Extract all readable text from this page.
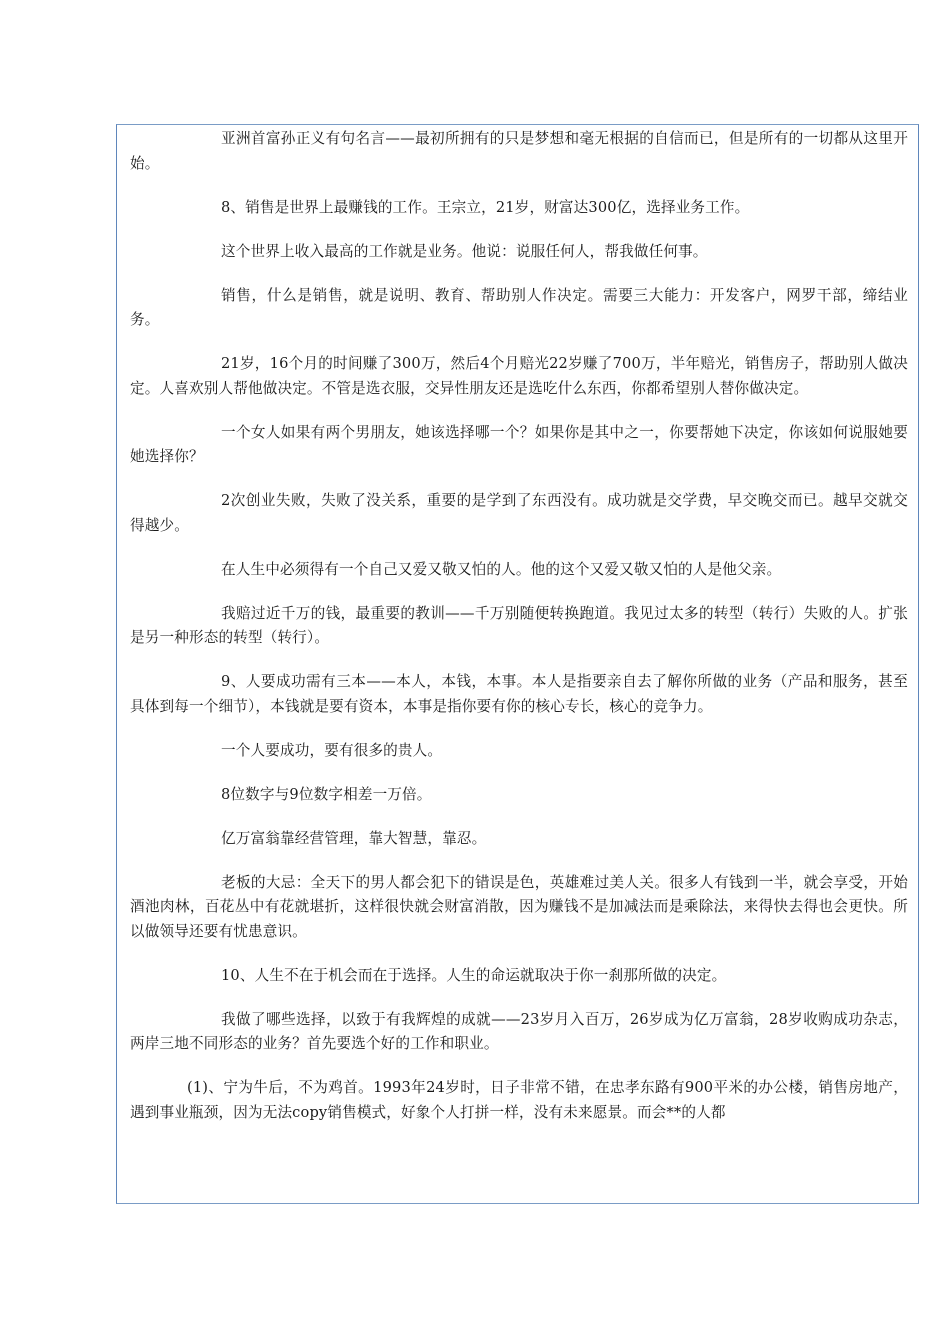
亚洲首富孙正义有句名言——最初所拥有的只是梦想和毫无根据的自信而已，但是所有的一切都从这里开始。

8、销售是世界上最赚钱的工作。王宗立，21岁，财富达300亿，选择业务工作。

这个世界上收入最高的工作就是业务。他说：说服任何人，帮我做任何事。

销售，什么是销售，就是说明、教育、帮助别人作决定。需要三大能力：开发客户，网罗干部，缔结业务。

21岁，16个月的时间赚了300万，然后4个月赔光22岁赚了700万，半年赔光，销售房子，帮助别人做决定。人喜欢别人帮他做决定。不管是选衣服，交异性朋友还是选吃什么东西，你都希望别人替你做决定。

一个女人如果有两个男朋友，她该选择哪一个？如果你是其中之一，你要帮她下决定，你该如何说服她要她选择你？

2次创业失败，失败了没关系，重要的是学到了东西没有。成功就是交学费，早交晚交而已。越早交就交得越少。

在人生中必须得有一个自己又爱又敬又怕的人。他的这个又爱又敬又怕的人是他父亲。

我赔过近千万的钱，最重要的教训——千万别随便转换跑道。我见过太多的转型（转行）失败的人。扩张是另一种形态的转型（转行）。

9、人要成功需有三本——本人，本钱，本事。本人是指要亲自去了解你所做的业务（产品和服务，甚至具体到每一个细节），本钱就是要有资本，本事是指你要有你的核心专长，核心的竞争力。

一个人要成功，要有很多的贵人。

8位数字与9位数字相差一万倍。

亿万富翁靠经营管理，靠大智慧，靠忍。

老板的大忌：全天下的男人都会犯下的错误是色，英雄难过美人关。很多人有钱到一半，就会享受，开始酒池肉林，百花丛中有花就堪折，这样很快就会财富消散，因为赚钱不是加减法而是乘除法，来得快去得也会更快。所以做领导还要有忧患意识。

10、人生不在于机会而在于选择。人生的命运就取决于你一刹那所做的决定。

我做了哪些选择，以致于有我辉煌的成就——23岁月入百万，26岁成为亿万富翁，28岁收购成功杂志，两岸三地不同形态的业务？首先要选个好的工作和职业。

(1)、宁为牛后，不为鸡首。1993年24岁时，日子非常不错，在忠孝东路有900平米的办公楼，销售房地产，遇到事业瓶颈，因为无法copy销售模式，好象个人打拼一样，没有未来愿景。而会**的人都
